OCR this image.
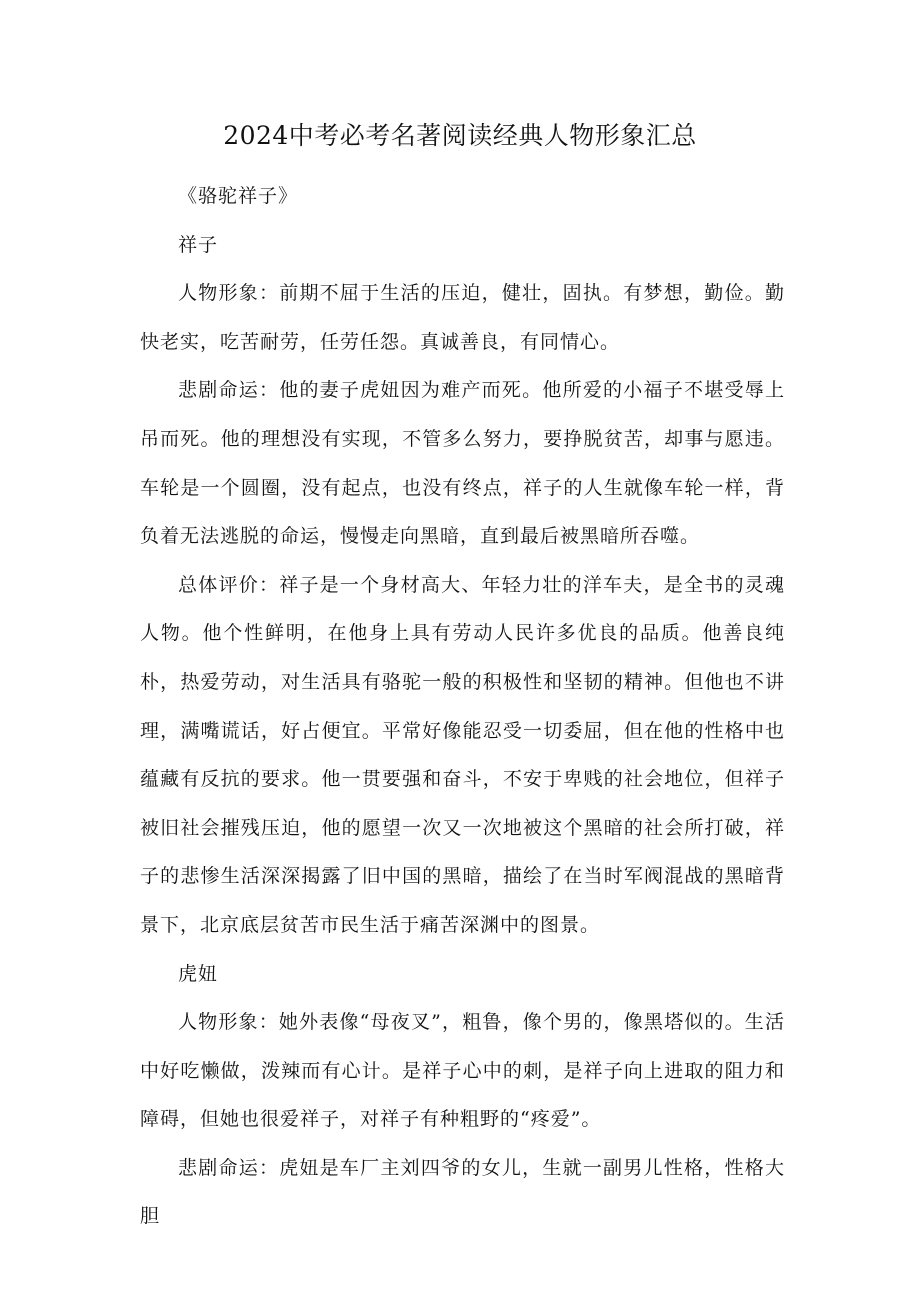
2024中考必考名著阅读经典人物形象汇总

《骆驼祥子》

祥子

人物形象：前期不屈于生活的压迫，健壮，固执。有梦想，勤俭。勤快老实，吃苦耐劳，任劳任怨。真诚善良，有同情心。

悲剧命运：他的妻子虎妞因为难产而死。他所爱的小福子不堪受辱上吊而死。他的理想没有实现，不管多么努力，要挣脱贫苦，却事与愿违。车轮是一个圆圈，没有起点，也没有终点，祥子的人生就像车轮一样，背负着无法逃脱的命运，慢慢走向黑暗，直到最后被黑暗所吞噬。

总体评价：祥子是一个身材高大、年轻力壮的洋车夫，是全书的灵魂人物。他个性鲜明，在他身上具有劳动人民许多优良的品质。他善良纯朴，热爱劳动，对生活具有骆驼一般的积极性和坚韧的精神。但他也不讲理，满嘴谎话，好占便宜。平常好像能忍受一切委屈，但在他的性格中也蕴藏有反抗的要求。他一贯要强和奋斗，不安于卑贱的社会地位，但祥子被旧社会摧残压迫，他的愿望一次又一次地被这个黑暗的社会所打破，祥子的悲惨生活深深揭露了旧中国的黑暗，描绘了在当时军阀混战的黑暗背景下，北京底层贫苦市民生活于痛苦深渊中的图景。

虎妞

人物形象：她外表像“母夜叉”，粗鲁，像个男的，像黑塔似的。生活中好吃懒做，泼辣而有心计。是祥子心中的刺，是祥子向上进取的阻力和障碍，但她也很爱祥子，对祥子有种粗野的“疼爱”。

悲剧命运：虎妞是车厂主刘四爷的女儿，生就一副男儿性格，性格大胆
